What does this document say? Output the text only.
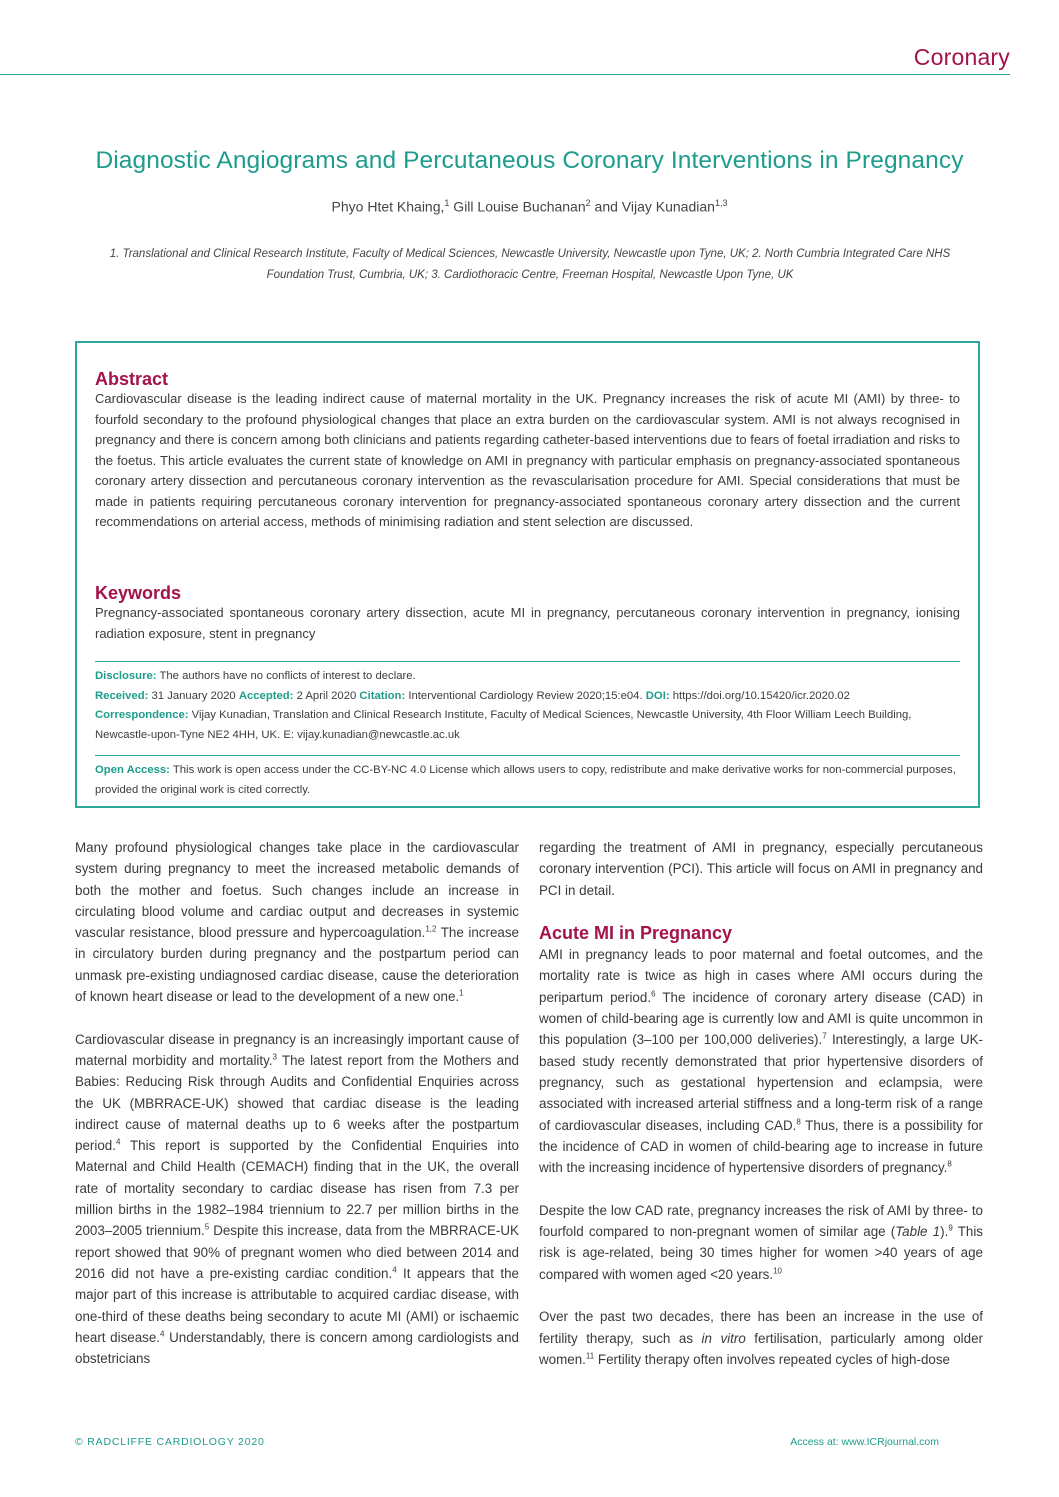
Coronary
Diagnostic Angiograms and Percutaneous Coronary Interventions in Pregnancy
Phyo Htet Khaing,$^1$ Gill Louise Buchanan$^2$ and Vijay Kunadian$^{1,3}$
1. Translational and Clinical Research Institute, Faculty of Medical Sciences, Newcastle University, Newcastle upon Tyne, UK; 2. North Cumbria Integrated Care NHS
Foundation Trust, Cumbria, UK; 3. Cardiothoracic Centre, Freeman Hospital, Newcastle Upon Tyne, UK
Abstract

Cardiovascular disease is the leading indirect cause of maternal mortality in the UK. Pregnancy increases the risk of acute MI (AMI) by three- to fourfold secondary to the profound physiological changes that place an extra burden on the cardiovascular system. AMI is not always recognised in pregnancy and there is concern among both clinicians and patients regarding catheter-based interventions due to fears of foetal irradiation and risks to the foetus. This article evaluates the current state of knowledge on AMI in pregnancy with particular emphasis on pregnancy-associated spontaneous coronary artery dissection and percutaneous coronary intervention as the revascularisation procedure for AMI. Special considerations that must be made in patients requiring percutaneous coronary intervention for pregnancy-associated spontaneous coronary artery dissection and the current recommendations on arterial access, methods of minimising radiation and stent selection are discussed.

Keywords

Pregnancy-associated spontaneous coronary artery dissection, acute MI in pregnancy, percutaneous coronary intervention in pregnancy, ionising radiation exposure, stent in pregnancy

Disclosure: The authors have no conflicts of interest to declare.
Received: 31 January 2020 Accepted: 2 April 2020 Citation: Interventional Cardiology Review 2020;15:e04. DOI: https://doi.org/10.15420/icr.2020.02
Correspondence: Vijay Kunadian, Translation and Clinical Research Institute, Faculty of Medical Sciences, Newcastle University, 4th Floor William Leech Building, Newcastle-upon-Tyne NE2 4HH, UK. E: vijay.kunadian@newcastle.ac.uk
Open Access: This work is open access under the CC-BY-NC 4.0 License which allows users to copy, redistribute and make derivative works for non-commercial purposes, provided the original work is cited correctly.

Many profound physiological changes take place in the cardiovascular system during pregnancy to meet the increased metabolic demands of both the mother and foetus. Such changes include an increase in circulating blood volume and cardiac output and decreases in systemic vascular resistance, blood pressure and hypercoagulation.$^{1,2}$ The increase in circulatory burden during pregnancy and the postpartum period can unmask pre-existing undiagnosed cardiac disease, cause the deterioration of known heart disease or lead to the development of a new one.$^1$

Cardiovascular disease in pregnancy is an increasingly important cause of maternal morbidity and mortality.$^3$ The latest report from the Mothers and Babies: Reducing Risk through Audits and Confidential Enquiries across the UK (MBRRACE-UK) showed that cardiac disease is the leading indirect cause of maternal deaths up to 6 weeks after the postpartum period.$^4$ This report is supported by the Confidential Enquiries into Maternal and Child Health (CEMACH) finding that in the UK, the overall rate of mortality secondary to cardiac disease has risen from 7.3 per million births in the 1982–1984 triennium to 22.7 per million births in the 2003–2005 triennium.$^5$ Despite this increase, data from the MBRRACE-UK report showed that 90% of pregnant women who died between 2014 and 2016 did not have a pre-existing cardiac condition.$^4$ It appears that the major part of this increase is attributable to acquired cardiac disease, with one-third of these deaths being secondary to acute MI (AMI) or ischaemic heart disease.$^4$ Understandably, there is concern among cardiologists and obstetricians

regarding the treatment of AMI in pregnancy, especially percutaneous coronary intervention (PCI). This article will focus on AMI in pregnancy and PCI in detail.

Acute MI in Pregnancy

AMI in pregnancy leads to poor maternal and foetal outcomes, and the mortality rate is twice as high in cases where AMI occurs during the peripartum period.$^6$ The incidence of coronary artery disease (CAD) in women of child-bearing age is currently low and AMI is quite uncommon in this population (3–100 per 100,000 deliveries).$^7$ Interestingly, a large UK-based study recently demonstrated that prior hypertensive disorders of pregnancy, such as gestational hypertension and eclampsia, were associated with increased arterial stiffness and a long-term risk of a range of cardiovascular diseases, including CAD.$^8$ Thus, there is a possibility for the incidence of CAD in women of child-bearing age to increase in future with the increasing incidence of hypertensive disorders of pregnancy.$^8$

Despite the low CAD rate, pregnancy increases the risk of AMI by three- to fourfold compared to non-pregnant women of similar age (Table 1).$^9$ This risk is age-related, being 30 times higher for women >40 years of age compared with women aged <20 years.$^{10}$

Over the past two decades, there has been an increase in the use of fertility therapy, such as in vitro fertilisation, particularly among older women.$^{11}$ Fertility therapy often involves repeated cycles of high-dose

© RADCLIFFE CARDIOLOGY 2020	Access at: www.ICRjournal.com
